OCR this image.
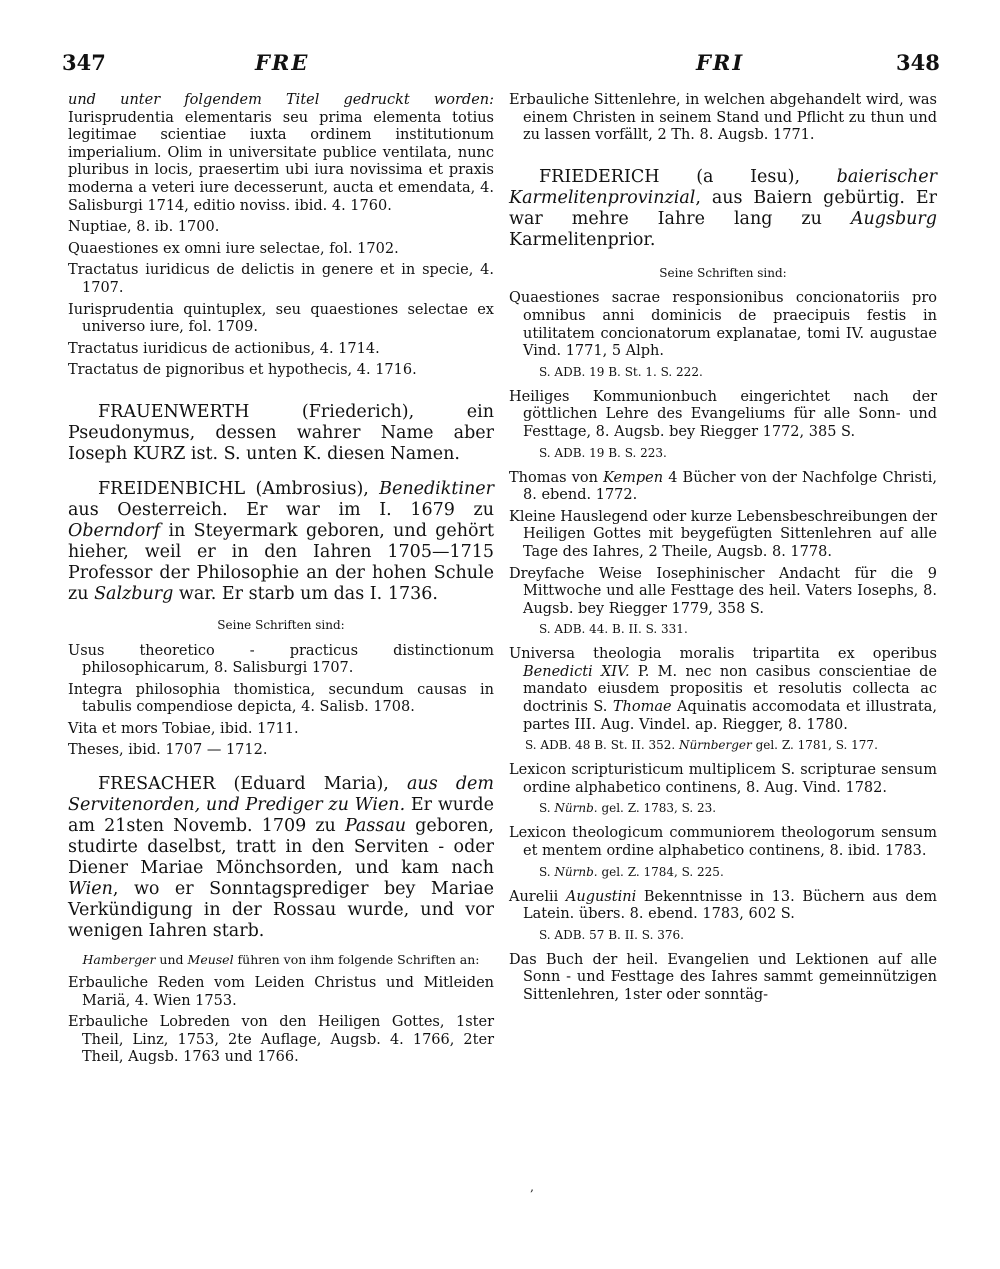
347	FRE	FRI	348

und unter folgendem Titel gedruckt worden: Iurisprudentia elementaris seu prima elementa totius legitimae scientiae iuxta ordinem institutionum imperialium. Olim in universitate publice ventilata, nunc pluribus in locis, praesertim ubi iura novissima et praxis moderna a veteri iure decesserunt, aucta et emendata, 4. Salisburgi 1714, editio noviss. ibid. 4. 1760.

Nuptiae, 8. ib. 1700.

Quaestiones ex omni iure selectae, fol. 1702.

Tractatus iuridicus de delictis in genere et in specie, 4. 1707.

Iurisprudentia quintuplex, seu quaestiones selectae ex universo iure, fol. 1709.

Tractatus iuridicus de actionibus, 4. 1714.

Tractatus de pignoribus et hypothecis, 4. 1716.

FRAUENWERTH (Friederich), ein Pseudonymus, dessen wahrer Name aber Ioseph KURZ ist. S. unten K. diesen Namen.

FREIDENBICHL (Ambrosius), Benediktiner aus Oesterreich. Er war im I. 1679 zu Oberndorf in Steyermark geboren, und gehört hieher, weil er in den Iahren 1705—1715 Professor der Philosophie an der hohen Schule zu Salzburg war. Er starb um das I. 1736.

Seine Schriften sind:

Usus theoretico - practicus distinctionum philosophicarum, 8. Salisburgi 1707.

Integra philosophia thomistica, secundum causas in tabulis compendiose depicta, 4. Salisb. 1708.

Vita et mors Tobiae, ibid. 1711.

Theses, ibid. 1707 — 1712.

FRESACHER (Eduard Maria), aus dem Servitenorden, und Prediger zu Wien. Er wurde am 21sten Novemb. 1709 zu Passau geboren, studirte daselbst, tratt in den Serviten - oder Diener Mariae Mönchsorden, und kam nach Wien, wo er Sonntagsprediger bey Mariae Verkündigung in der Rossau wurde, und vor wenigen Iahren starb.

Hamberger und Meusel führen von ihm folgende Schriften an:

Erbauliche Reden vom Leiden Christus und Mitleiden Mariä, 4. Wien 1753.

Erbauliche Lobreden von den Heiligen Gottes, 1ster Theil, Linz, 1753, 2te Auflage, Augsb. 4. 1766, 2ter Theil, Augsb. 1763 und 1766.

Erbauliche Sittenlehre, in welchen abgehandelt wird, was einem Christen in seinem Stand und Pflicht zu thun und zu lassen vorfällt, 2 Th. 8. Augsb. 1771.

FRIEDERICH (a Iesu), baierischer Karmelitenprovinzial, aus Baiern gebürtig. Er war mehre Iahre lang zu Augsburg Karmelitenprior.

Seine Schriften sind:

Quaestiones sacrae responsionibus concionatoriis pro omnibus anni dominicis de praecipuis festis in utilitatem concionatorum explanatae, tomi IV. augustae Vind. 1771, 5 Alph.

S. ADB. 19 B. St. 1. S. 222.

Heiliges Kommunionbuch eingerichtet nach der göttlichen Lehre des Evangeliums für alle Sonn- und Festtage, 8. Augsb. bey Riegger 1772, 385 S.

S. ADB. 19 B. S. 223.

Thomas von Kempen 4 Bücher von der Nachfolge Christi, 8. ebend. 1772.

Kleine Hauslegend oder kurze Lebensbeschreibungen der Heiligen Gottes mit beygefügten Sittenlehren auf alle Tage des Iahres, 2 Theile, Augsb. 8. 1778.

Dreyfache Weise Iosephinischer Andacht für die 9 Mittwoche und alle Festtage des heil. Vaters Iosephs, 8. Augsb. bey Riegger 1779, 358 S.

S. ADB. 44. B. II. S. 331.

Universa theologia moralis tripartita ex operibus Benedicti XIV. P. M. nec non casibus conscientiae de mandato eiusdem propositis et resolutis collecta ac doctrinis S. Thomae Aquinatis accomodata et illustrata, partes III. Aug. Vindel. ap. Riegger, 8. 1780.

S. ADB. 48 B. St. II. 352. Nürnberger gel. Z. 1781, S. 177.

Lexicon scripturisticum multiplicem S. scripturae sensum ordine alphabetico continens, 8. Aug. Vind. 1782.

S. Nürnb. gel. Z. 1783, S. 23.

Lexicon theologicum communiorem theologorum sensum et mentem ordine alphabetico continens, 8. ibid. 1783.

S. Nürnb. gel. Z. 1784, S. 225.

Aurelii Augustini Bekenntnisse in 13. Büchern aus dem Latein. übers. 8. ebend. 1783, 602 S.

S. ADB. 57 B. II. S. 376.

Das Buch der heil. Evangelien und Lektionen auf alle Sonn - und Festtage des Iahres sammt gemeinnützigen Sittenlehren, 1ster oder sonntäg-

‚
